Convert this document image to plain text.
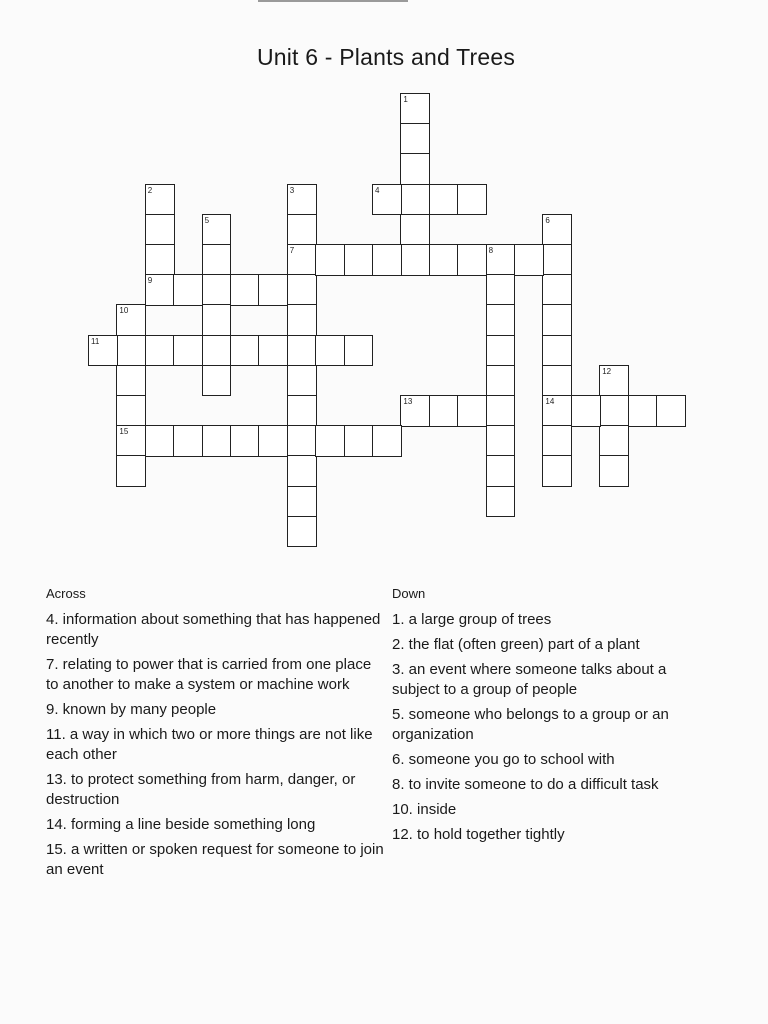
Unit 6 - Plants and Trees
1
2	3	4
5	6
7	8
9
10
11
12
13	14
15
Across
4. information about something that has happened recently
7. relating to power that is carried from one place to another to make a system or machine work
9. known by many people
11. a way in which two or more things are not like each other
13. to protect something from harm, danger, or destruction
14. forming a line beside something long
15. a written or spoken request for someone to join an event
Down
1. a large group of trees
2. the flat (often green) part of a plant
3. an event where someone talks about a subject to a group of people
5. someone who belongs to a group or an organization
6. someone you go to school with
8. to invite someone to do a difficult task
10. inside
12. to hold together tightly
